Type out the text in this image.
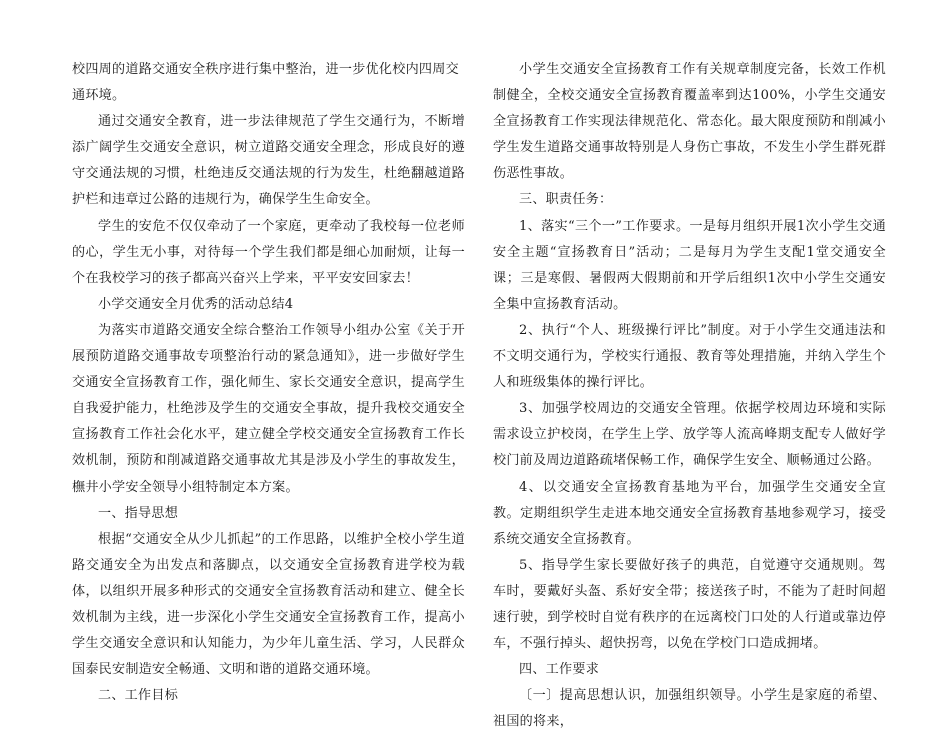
校四周的道路交通安全秩序进行集中整治，进一步优化校内四周交通环境。

通过交通安全教育，进一步法律规范了学生交通行为，不断增添广阔学生交通安全意识，树立道路交通安全理念，形成良好的遵守交通法规的习惯，杜绝违反交通法规的行为发生，杜绝翻越道路护栏和违章过公路的违规行为，确保学生生命安全。

学生的安危不仅仅牵动了一个家庭，更牵动了我校每一位老师的心，学生无小事，对待每一个学生我们都是细心加耐烦，让每一个在我校学习的孩子都高兴奋兴上学来，平平安安回家去！

小学交通安全月优秀的活动总结4

为落实市道路交通安全综合整治工作领导小组办公室《关于开展预防道路交通事故专项整治行动的紧急通知》，进一步做好学生交通安全宣扬教育工作，强化师生、家长交通安全意识，提高学生自我爱护能力，杜绝涉及学生的交通安全事故，提升我校交通安全宣扬教育工作社会化水平，建立健全学校交通安全宣扬教育工作长效机制，预防和削减道路交通事故尤其是涉及小学生的事故发生，橅井小学安全领导小组特制定本方案。

一、指导思想

根据“交通安全从少儿抓起”的工作思路，以维护全校小学生道路交通安全为出发点和落脚点，以交通安全宣扬教育进学校为载体，以组织开展多种形式的交通安全宣扬教育活动和建立、健全长效机制为主线，进一步深化小学生交通安全宣扬教育工作，提高小学生交通安全意识和认知能力，为少年儿童生活、学习，人民群众国泰民安制造安全畅通、文明和谐的道路交通环境。

二、工作目标

小学生交通安全宣扬教育工作有关规章制度完备，长效工作机制健全，全校交通安全宣扬教育覆盖率到达100%，小学生交通安全宣扬教育工作实现法律规范化、常态化。最大限度预防和削减小学生发生道路交通事故特别是人身伤亡事故，不发生小学生群死群伤恶性事故。

三、职责任务：

1、落实“三个一”工作要求。一是每月组织开展1次小学生交通安全主题“宣扬教育日”活动；二是每月为学生支配1堂交通安全课；三是寒假、暑假两大假期前和开学后组织1次中小学生交通安全集中宣扬教育活动。

2、执行“个人、班级操行评比”制度。对于小学生交通违法和不文明交通行为，学校实行通报、教育等处理措施，并纳入学生个人和班级集体的操行评比。

3、加强学校周边的交通安全管理。依据学校周边环境和实际需求设立护校岗，在学生上学、放学等人流高峰期支配专人做好学校门前及周边道路疏堵保畅工作，确保学生安全、顺畅通过公路。

4、以交通安全宣扬教育基地为平台，加强学生交通安全宣教。定期组织学生走进本地交通安全宣扬教育基地参观学习，接受系统交通安全宣扬教育。

5、指导学生家长要做好孩子的典范，自觉遵守交通规则。驾车时，要戴好头盔、系好安全带；接送孩子时，不能为了赶时间超速行驶，到学校时自觉有秩序的在远离校门口处的人行道或靠边停车，不强行掉头、超快拐弯，以免在学校门口造成拥堵。

四、工作要求

〔一〕提高思想认识，加强组织领导。小学生是家庭的希望、祖国的将来，
